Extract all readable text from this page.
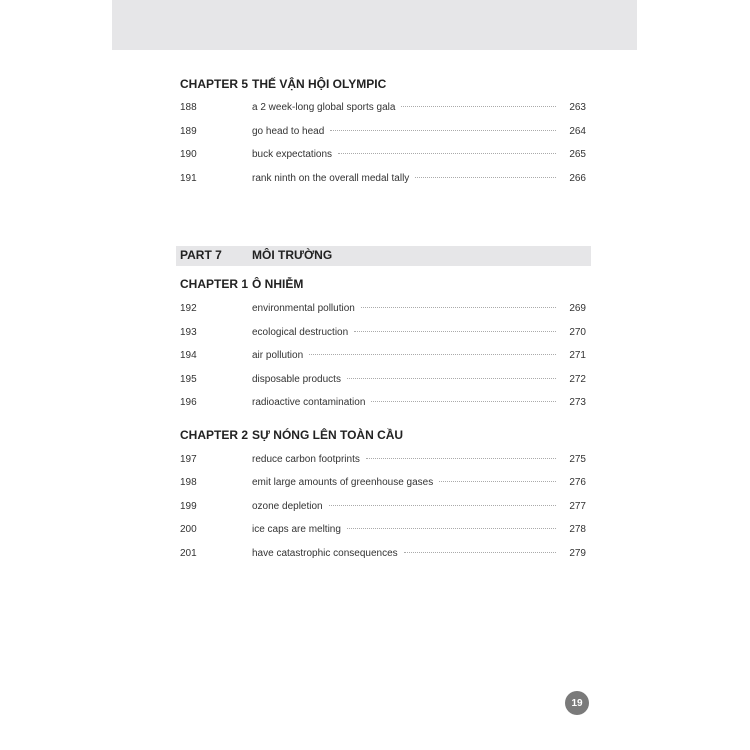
CHAPTER 5 THẾ VẬN HỘI OLYMPIC
188	a 2 week-long global sports gala	263
189	go head to head	264
190	buck expectations	265
191	rank ninth on the overall medal tally	266
PART 7	MÔI TRƯỜNG
CHAPTER 1 Ô NHIỄM
192	environmental pollution	269
193	ecological destruction	270
194	air pollution	271
195	disposable products	272
196	radioactive contamination	273
CHAPTER 2 SỰ NÓNG LÊN TOÀN CẦU
197	reduce carbon footprints	275
198	emit large amounts of greenhouse gases	276
199	ozone depletion	277
200	ice caps are melting	278
201	have catastrophic consequences	279
19
